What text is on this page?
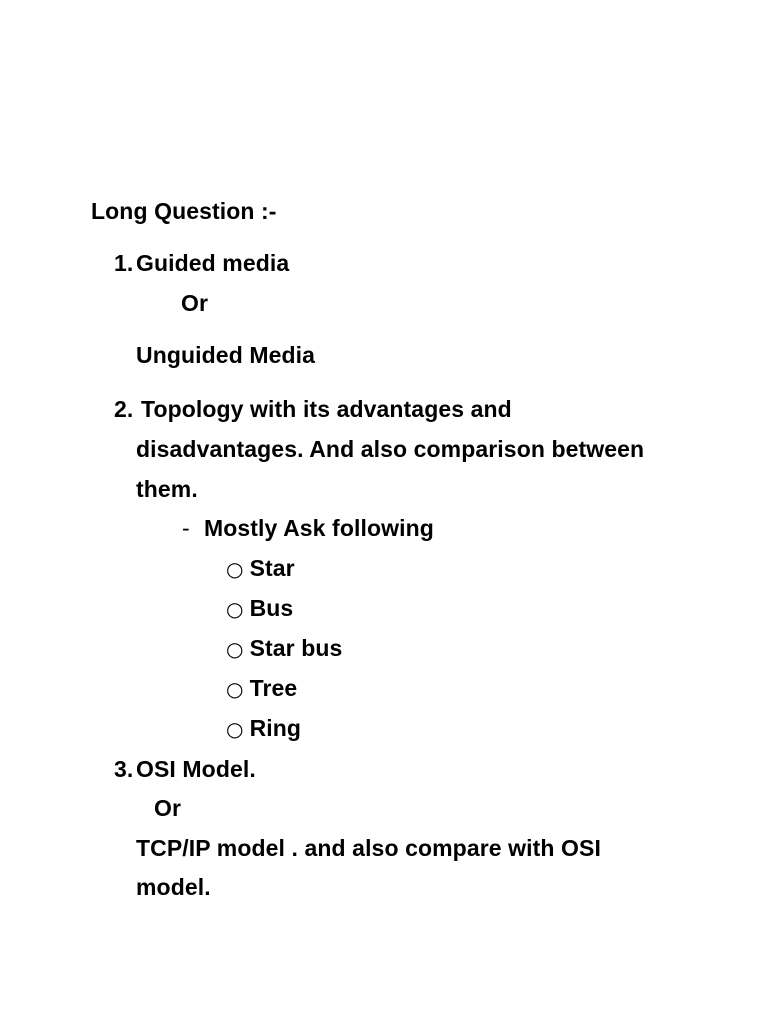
Long Question :-
1. Guided media
Or
Unguided Media
2. Topology with its advantages and
disadvantages. And also comparison between
them.
- Mostly Ask following
○ Star
○ Bus
○ Star bus
○ Tree
○ Ring
3. OSI Model.
Or
TCP/IP model . and also compare with OSI
model.
